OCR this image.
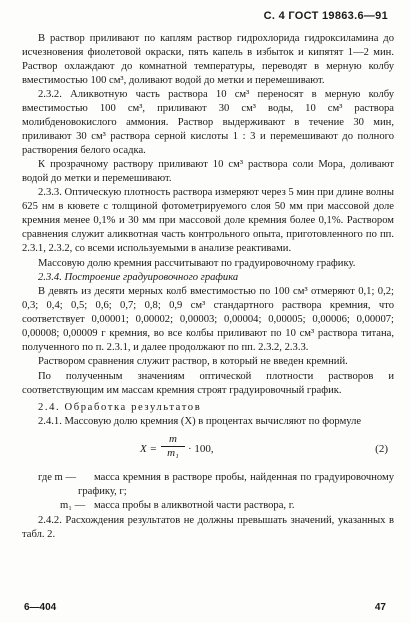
С. 4 ГОСТ 19863.6—91

В раствор приливают по каплям раствор гидрохлорида гидроксиламина до исчезновения фиолетовой окраски, пять капель в избыток и кипятят 1—2 мин. Раствор охлаждают до комнатной температуры, переводят в мерную колбу вместимостью 100 см³, доливают водой до метки и перемешивают.

2.3.2. Аликвотную часть раствора 10 см³ переносят в мерную колбу вместимостью 100 см³, приливают 30 см³ воды, 10 см³ раствора молибденовокислого аммония. Раствор выдерживают в течение 30 мин, приливают 30 см³ раствора серной кислоты 1 : 3 и перемешивают до полного растворения белого осадка.

К прозрачному раствору приливают 10 см³ раствора соли Мора, доливают водой до метки и перемешивают.

2.3.3. Оптическую плотность раствора измеряют через 5 мин при длине волны 625 нм в кювете с толщиной фотометрируемого слоя 50 мм при массовой доле кремния менее 0,1% и 30 мм при массовой доле кремния более 0,1%. Раствором сравнения служит аликвотная часть контрольного опыта, приготовленного по пп. 2.3.1, 2.3.2, со всеми используемыми в анализе реактивами.

Массовую долю кремния рассчитывают по градуировочному графику.

2.3.4. Построение градуировочного графика

В девять из десяти мерных колб вместимостью по 100 см³ отмеряют 0,1; 0,2; 0,3; 0,4; 0,5; 0,6; 0,7; 0,8; 0,9 см³ стандартного раствора кремния, что соответствует 0,00001; 0,00002; 0,00003; 0,00004; 0,00005; 0,00006; 0,00007; 0,00008; 0,00009 г кремния, во все колбы приливают по 10 см³ раствора титана, полученного по п. 2.3.1, и далее продолжают по пп. 2.3.2, 2.3.3.

Раствором сравнения служит раствор, в который не введен кремний.

По полученным значениям оптической плотности растворов и соответствующим им массам кремния строят градуировочный график.

2.4. Обработка результатов

2.4.1. Массовую долю кремния (X) в процентах вычисляют по формуле

$X = \frac{m}{\text{m₁}} \cdot 100$,	(2)

где m — масса кремния в растворе пробы, найденная по градуировочному графику, г;

m₁ — масса пробы в аликвотной части раствора, г.

2.4.2. Расхождения результатов не должны превышать значений, указанных в табл. 2.

6—404	47
